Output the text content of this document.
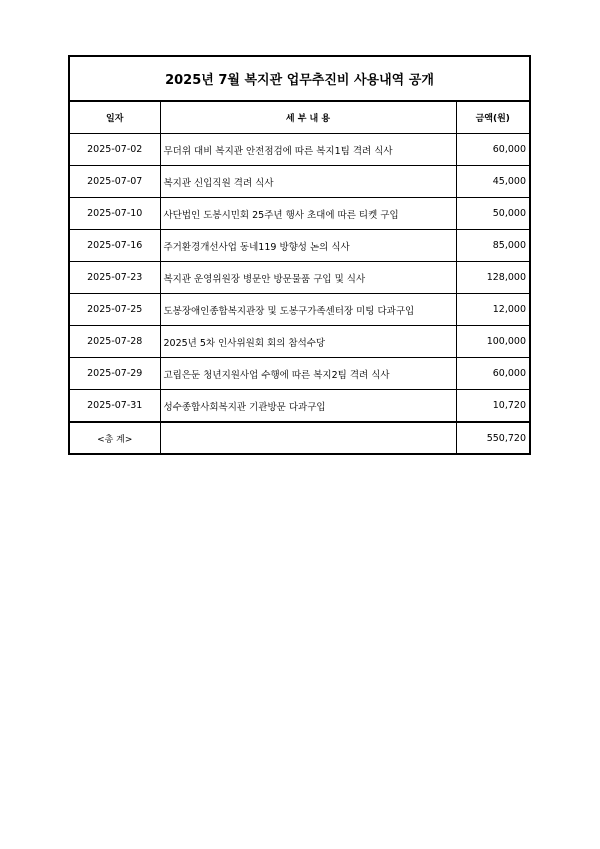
2025년 7월 복지관 업무추진비 사용내역 공개		
일자	세 부 내 용	금액(원)
2025-07-02	무더위 대비 복지관 안전점검에 따른 복지1팀 격려 식사	60,000
2025-07-07	복지관 신입직원 격려 식사	45,000
2025-07-10	사단법인 도봉시민회 25주년 행사 초대에 따른 티켓 구입	50,000
2025-07-16	주거환경개선사업 동네119 방향성 논의 식사	85,000
2025-07-23	복지관 운영위원장 병문안 방문물품 구입 및 식사	128,000
2025-07-25	도봉장애인종합복지관장 및 도봉구가족센터장 미팅 다과구입	12,000
2025-07-28	2025년 5차 인사위원회 회의 참석수당	100,000
2025-07-29	고립은둔 청년지원사업 수행에 따른 복지2팀 격려 식사	60,000
2025-07-31	성수종합사회복지관 기관방문 다과구입	10,720
<총 계>		550,720
